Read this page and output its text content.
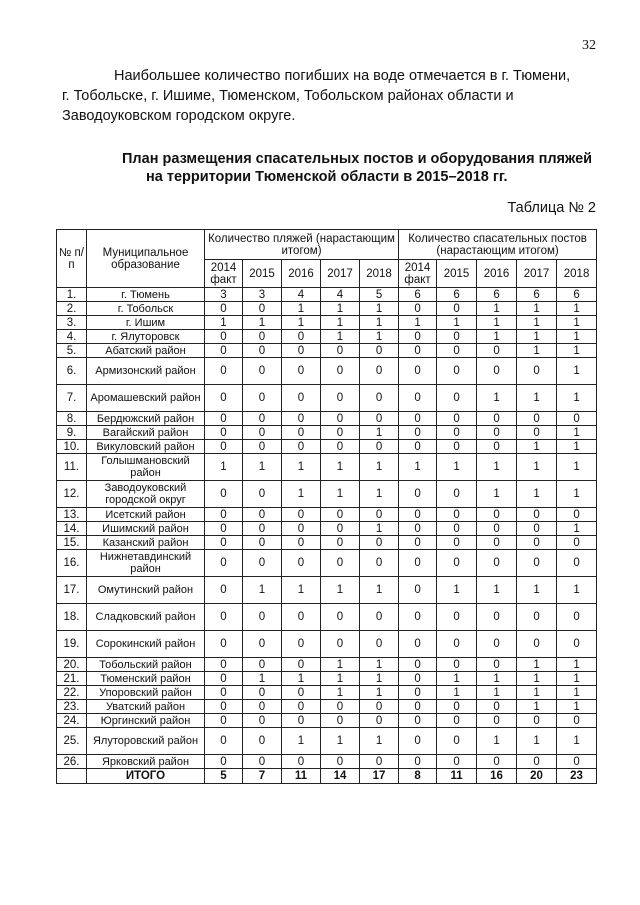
32
Наибольшее количество погибших на воде отмечается в г. Тюмени,
г. Тобольске, г. Ишиме, Тюменском, Тобольском районах области и
Заводоуковском городском округе.
План размещения спасательных постов и оборудования пляжей
на территории Тюменской области в 2015–2018 гг.
Таблица № 2
№ п/п	Муниципальное образование	Количество пляжей (нарастающим итогом)					Количество спасательных постов (нарастающим итогом)				
		2014 факт	2015	2016	2017	2018	2014 факт	2015	2016	2017	2018
1.	г. Тюмень	3	3	4	4	5	6	6	6	6	6
2.	г. Тобольск	0	0	1	1	1	0	0	1	1	1
3.	г. Ишим	1	1	1	1	1	1	1	1	1	1
4.	г. Ялуторовск	0	0	0	1	1	0	0	1	1	1
5.	Абатский район	0	0	0	0	0	0	0	0	1	1
6.	Армизонский район	0	0	0	0	0	0	0	0	0	1
7.	Аромашевский район	0	0	0	0	0	0	0	1	1	1
8.	Бердюжский район	0	0	0	0	0	0	0	0	0	0
9.	Вагайский район	0	0	0	0	1	0	0	0	0	1
10.	Викуловский район	0	0	0	0	0	0	0	0	1	1
11.	Голышмановский район	1	1	1	1	1	1	1	1	1	1
12.	Заводоуковский городской округ	0	0	1	1	1	0	0	1	1	1
13.	Исетский район	0	0	0	0	0	0	0	0	0	0
14.	Ишимский район	0	0	0	0	1	0	0	0	0	1
15.	Казанский район	0	0	0	0	0	0	0	0	0	0
16.	Нижнетавдинский район	0	0	0	0	0	0	0	0	0	0
17.	Омутинский район	0	1	1	1	1	0	1	1	1	1
18.	Сладковский район	0	0	0	0	0	0	0	0	0	0
19.	Сорокинский район	0	0	0	0	0	0	0	0	0	0
20.	Тобольский район	0	0	0	1	1	0	0	0	1	1
21.	Тюменский район	0	1	1	1	1	0	1	1	1	1
22.	Упоровский район	0	0	0	1	1	0	1	1	1	1
23.	Уватский район	0	0	0	0	0	0	0	0	1	1
24.	Юргинский район	0	0	0	0	0	0	0	0	0	0
25.	Ялуторовский район	0	0	1	1	1	0	0	1	1	1
26.	Ярковский район	0	0	0	0	0	0	0	0	0	0
	ИТОГО	5	7	11	14	17	8	11	16	20	23
